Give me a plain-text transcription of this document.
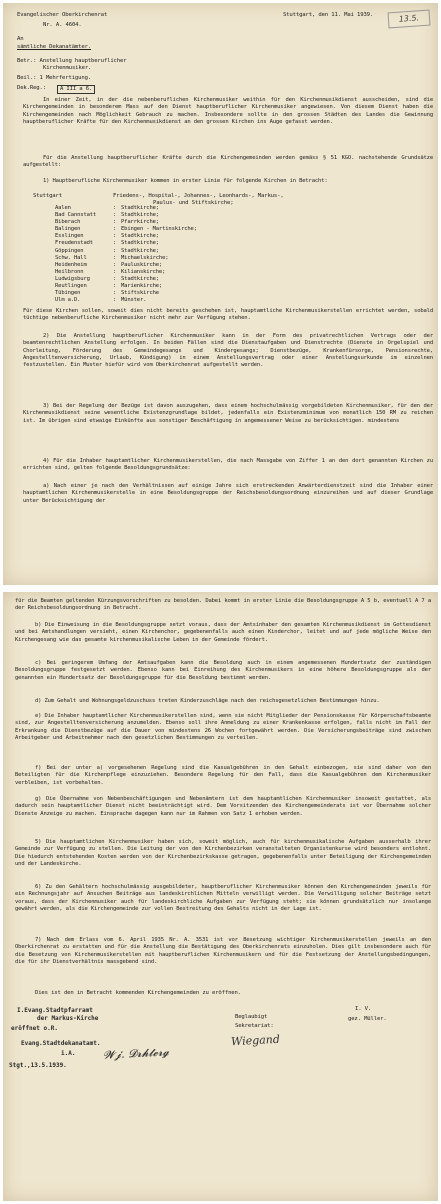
Evangelischer Oberkirchenrat	Stuttgart, den 11. Mai 1939.
Nr. A. 4604.
13.5.
An
sämtliche Dekanatämter.
Betr.: Anstellung hauptberuflicher
Kirchenmusiker.
Beil.: 1 Mehrfertigung.
Dek.Reg.:	A III a 6.
In einer Zeit, in der die nebenberuflichen Kirchenmusiker weithin für den Kirchenmusikdienst ausscheiden, sind die Kirchengemeinden in besonderem Mass auf den Dienst hauptberuflicher Kirchenmusiker angewiesen. Von diesem Dienst haben die Kirchengemeinden nach Möglichkeit Gebrauch zu machen. Insbesondere sollte in den grossen Städten des Landes die Gewinnung hauptberuflicher Kräfte für den Kirchenmusikdienst an den grossen Kirchen ins Auge gefasst werden.
Für die Anstellung hauptberuflicher Kräfte durch die Kirchengemeinden werden gemäss § 51 KGO. nachstehende Grundsätze aufgestellt:
1) Hauptberufliche Kirchenmusiker kommen in erster Linie für folgende Kirchen in Betracht:
Stuttgart	Friedens-, Hospital-, Johannes-, Leonhards-, Markus-,
Paulus- und Stiftskirche;
Aalen	:	Stadtkirche;
Bad Cannstatt	:	Stadtkirche;
Biberach	:	Pfarrkirche;
Balingen	:	Ebingen - Martinskirche;
Esslingen	:	Stadtkirche;
Freudenstadt	:	Stadtkirche;
Göppingen	:	Stadtkirche;
Schw. Hall	:	Michaelskirche;
Heidenheim	:	Pauluskirche;
Heilbronn	:	Kilianskirche;
Ludwigsburg	:	Stadtkirche;
Reutlingen	:	Marienkirche;
Tübingen	:	Stiftskirche
Ulm a.D.	:	Münster.
Für diese Kirchen sollen, soweit dies nicht bereits geschehen ist, hauptamtliche Kirchenmusikerstellen errichtet werden, sobald tüchtige nebenberufliche Kirchenmusiker nicht mehr zur Verfügung stehen.
2) Die Anstellung hauptberuflicher Kirchenmusiker kann in der Form des privatrechtlichen Vertrags oder der beamtenrechtlichen Anstellung erfolgen. In beiden Fällen sind die Dienstaufgaben und Dienstrechte (Dienste in Orgelspiel und Chorleitung, Förderung des Gemeindegesangs und Kindergesangs; Dienstbezüge, Krankenfürsorge, Pensionsrechte, Angestelltenversicherung, Urlaub, Kündigung) in einem Anstellungsvertrag oder einer Anstellungsurkunde im einzelnen festzustellen. Ein Muster hiefür wird vom Oberkirchenrat aufgestellt werden.
3) Bei der Regelung der Bezüge ist davon auszugehen, dass einem hochschulmässig vorgebildeten Kirchenmusiker, für den der Kirchenmusikdienst seine wesentliche Existenzgrundlage bildet, jedenfalls ein Existenzminimum von monatlich 150 RM zu reichen ist. Im übrigen sind etwaige Einkünfte aus sonstiger Beschäftigung in angemessener Weise zu berücksichtigen. mindestens
4) Für die Inhaber hauptamtlicher Kirchenmusikerstellen, die nach Massgabe von Ziffer 1 an den dort genannten Kirchen zu errichten sind, gelten folgende Besoldungsgrundsätze:
a) Nach einer je nach den Verhältnissen auf einige Jahre sich erstreckenden Anwärterdienstzeit sind die Inhaber einer hauptamtlichen Kirchenmusikerstelle in eine Besoldungsgruppe der Reichsbesoldungsordnung einzureihen und auf dieser Grundlage unter Berücksichtigung der
für die Beamten geltenden Kürzungsvorschriften zu besolden. Dabei kommt in erster Linie die Besoldungsgruppe A 5 b, eventuell A 7 a der Reichsbesoldungsordnung in Betracht.
b) Die Einweisung in die Besoldungsgruppe setzt voraus, dass der Amtsinhaber den gesamten Kirchenmusikdienst im Gottesdienst und bei Amtshandlungen versieht, einen Kirchenchor, gegebenenfalls auch einen Kinderchor, leitet und auf jede mögliche Weise den Kirchengesang wie das gesamte kirchenmusikalische Leben in der Gemeinde fördert.
c) Bei geringerem Umfang der Amtsaufgaben kann die Besoldung auch in einem angemessenen Hundertsatz der zuständigen Besoldungsgruppe festgesetzt werden. Ebenso kann bei Einreihung des Kirchenmusikers in eine höhere Besoldungsgruppe als der genannten ein Hundertsatz der Besoldungsgruppe für die Besoldung bestimmt werden.
d) Zum Gehalt und Wohnungsgeldzuschuss treten Kinderzuschläge nach den reichsgesetzlichen Bestimmungen hinzu.
e) Die Inhaber hauptamtlicher Kirchenmusikerstellen sind, wenn sie nicht Mitglieder der Pensionskasse für Körperschaftsbeamte sind, zur Angestelltenversicherung anzumelden. Ebenso soll ihre Anmeldung zu einer Krankenkasse erfolgen, falls nicht im Fall der Erkrankung die Dienstbezüge auf die Dauer von mindestens 26 Wochen fortgewährt werden. Die Versicherungsbeiträge sind zwischen Arbeitgeber und Arbeitnehmer nach den gesetzlichen Bestimmungen zu verteilen.
f) Bei der unter a) vorgesehenen Regelung sind die Kasualgebühren in den Gehalt einbezogen, sie sind daher von den Beteiligten für die Kirchenpflege einzuziehen. Besondere Regelung für den Fall, dass die Kasualgebühren dem Kirchenmusiker verbleiben, ist vorbehalten.
g) Die Übernahme von Nebenbeschäftigungen und Nebenämtern ist dem hauptamtlichen Kirchenmusiker insoweit gestattet, als dadurch sein hauptamtlicher Dienst nicht beeinträchtigt wird. Dem Vorsitzenden des Kirchengemeinderats ist vor Übernahme solcher Dienste Anzeige zu machen. Einsprache dagegen kann nur im Rahmen von Satz 1 erhoben werden.
5) Die hauptamtlichen Kirchenmusiker haben sich, soweit möglich, auch für kirchenmusikalische Aufgaben ausserhalb ihrer Gemeinde zur Verfügung zu stellen. Die Leitung der von den Kirchenbezirken veranstalteten Organistenkurse wird besonders entlohnt. Die hiedurch entstehenden Kosten werden von der Kirchenbezirkskasse getragen, gegebenenfalls unter Beteiligung der Kirchengemeinden und der Landeskirche.
6) Zu den Gehältern hochschulmässig ausgebildeter, hauptberuflicher Kirchenmusiker können den Kirchengemeinden jeweils für ein Rechnungsjahr auf Ansuchen Beiträge aus landeskirchlichen Mitteln verwilligt werden. Die Verwilligung solcher Beiträge setzt voraus, dass der Kirchenmusiker auch für landeskirchliche Aufgaben zur Verfügung steht; sie können grundsätzlich nur insolange gewährt werden, als die Kirchengemeinde zur vollen Bestreitung des Gehalts nicht in der Lage ist.
7) Nach dem Erlass vom 6. April 1935 Nr. A. 3531 ist vor Besetzung wichtiger Kirchenmusikerstellen jeweils an den Oberkirchenrat zu erstatten und für die Anstellung die Bestätigung des Oberkirchenrats einzuholen. Dies gilt insbesondere auch für die Besetzung von Kirchenmusikerstellen mit hauptberuflichen Kirchenmusikern und für die Festsetzung der Anstellungsbedingungen, die für ihr Dienstverhältnis massgebend sind.
Dies ist den in Betracht kommenden Kirchengemeinden zu eröffnen.
I.Evang.Stadtpfarramt
der Markus-Kirche
eröffnet o.R.
Evang.Stadtdekanatamt.
i.A.
Stgt.,13.5.1939.
I. V.
gez. Müller.
Beglaubigt
Sekretariat:
𝓦𝓳. 𝓓𝓻𝓱𝓽𝓮𝓻𝓰
Wiegand
